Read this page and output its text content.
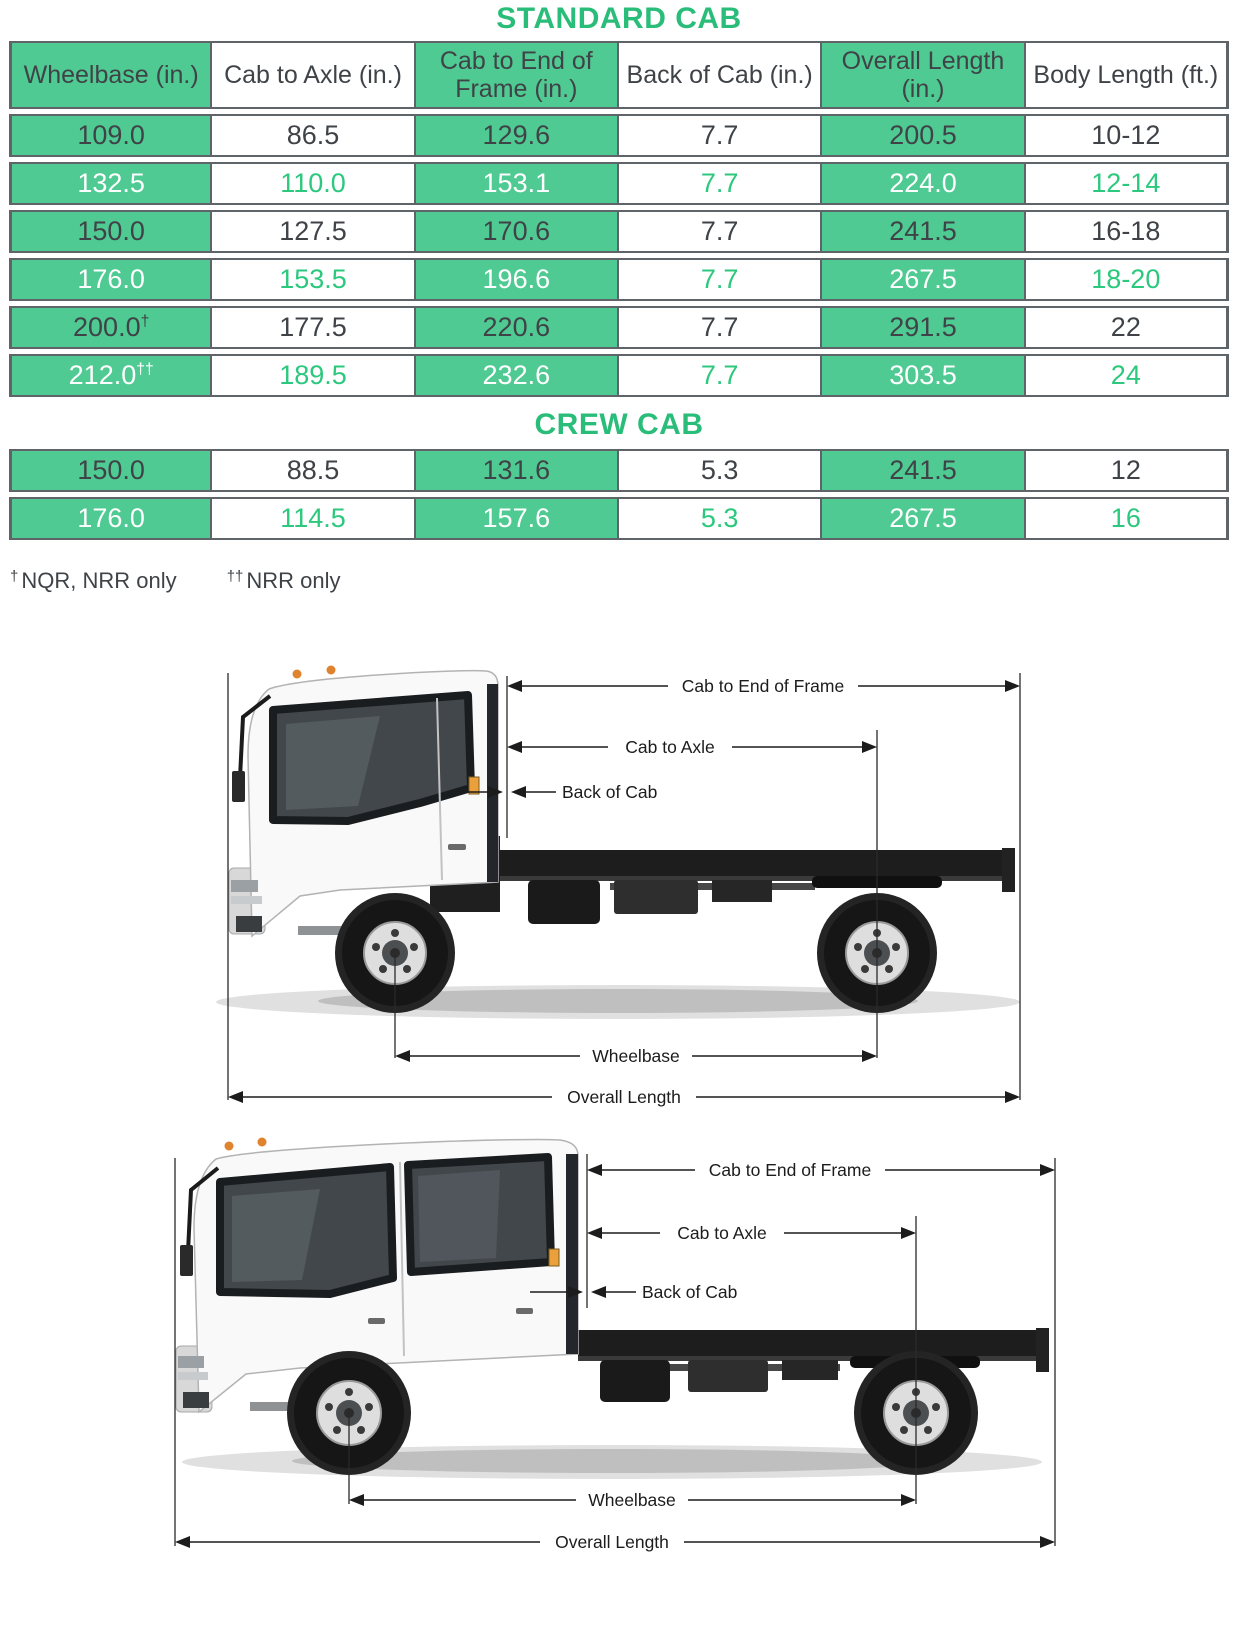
STANDARD CAB
Wheelbase (in.)	Cab to Axle (in.)	Cab to End of Frame (in.)	Back of Cab (in.)	Overall Length (in.)	Body Length (ft.)
109.0	86.5	129.6	7.7	200.5	10-12
132.5	110.0	153.1	7.7	224.0	12-14
150.0	127.5	170.6	7.7	241.5	16-18
176.0	153.5	196.6	7.7	267.5	18-20
200.0†	177.5	220.6	7.7	291.5	22
212.0††	189.5	232.6	7.7	303.5	24
CREW CAB
150.0	88.5	131.6	5.3	241.5	12
176.0	114.5	157.6	5.3	267.5	16
† NQR, NRR only	†† NRR only
Cab to End of Frame
Cab to Axle
Back of Cab
Wheelbase
Overall Length
Cab to End of Frame
Cab to Axle
Back of Cab
Wheelbase
Overall Length
